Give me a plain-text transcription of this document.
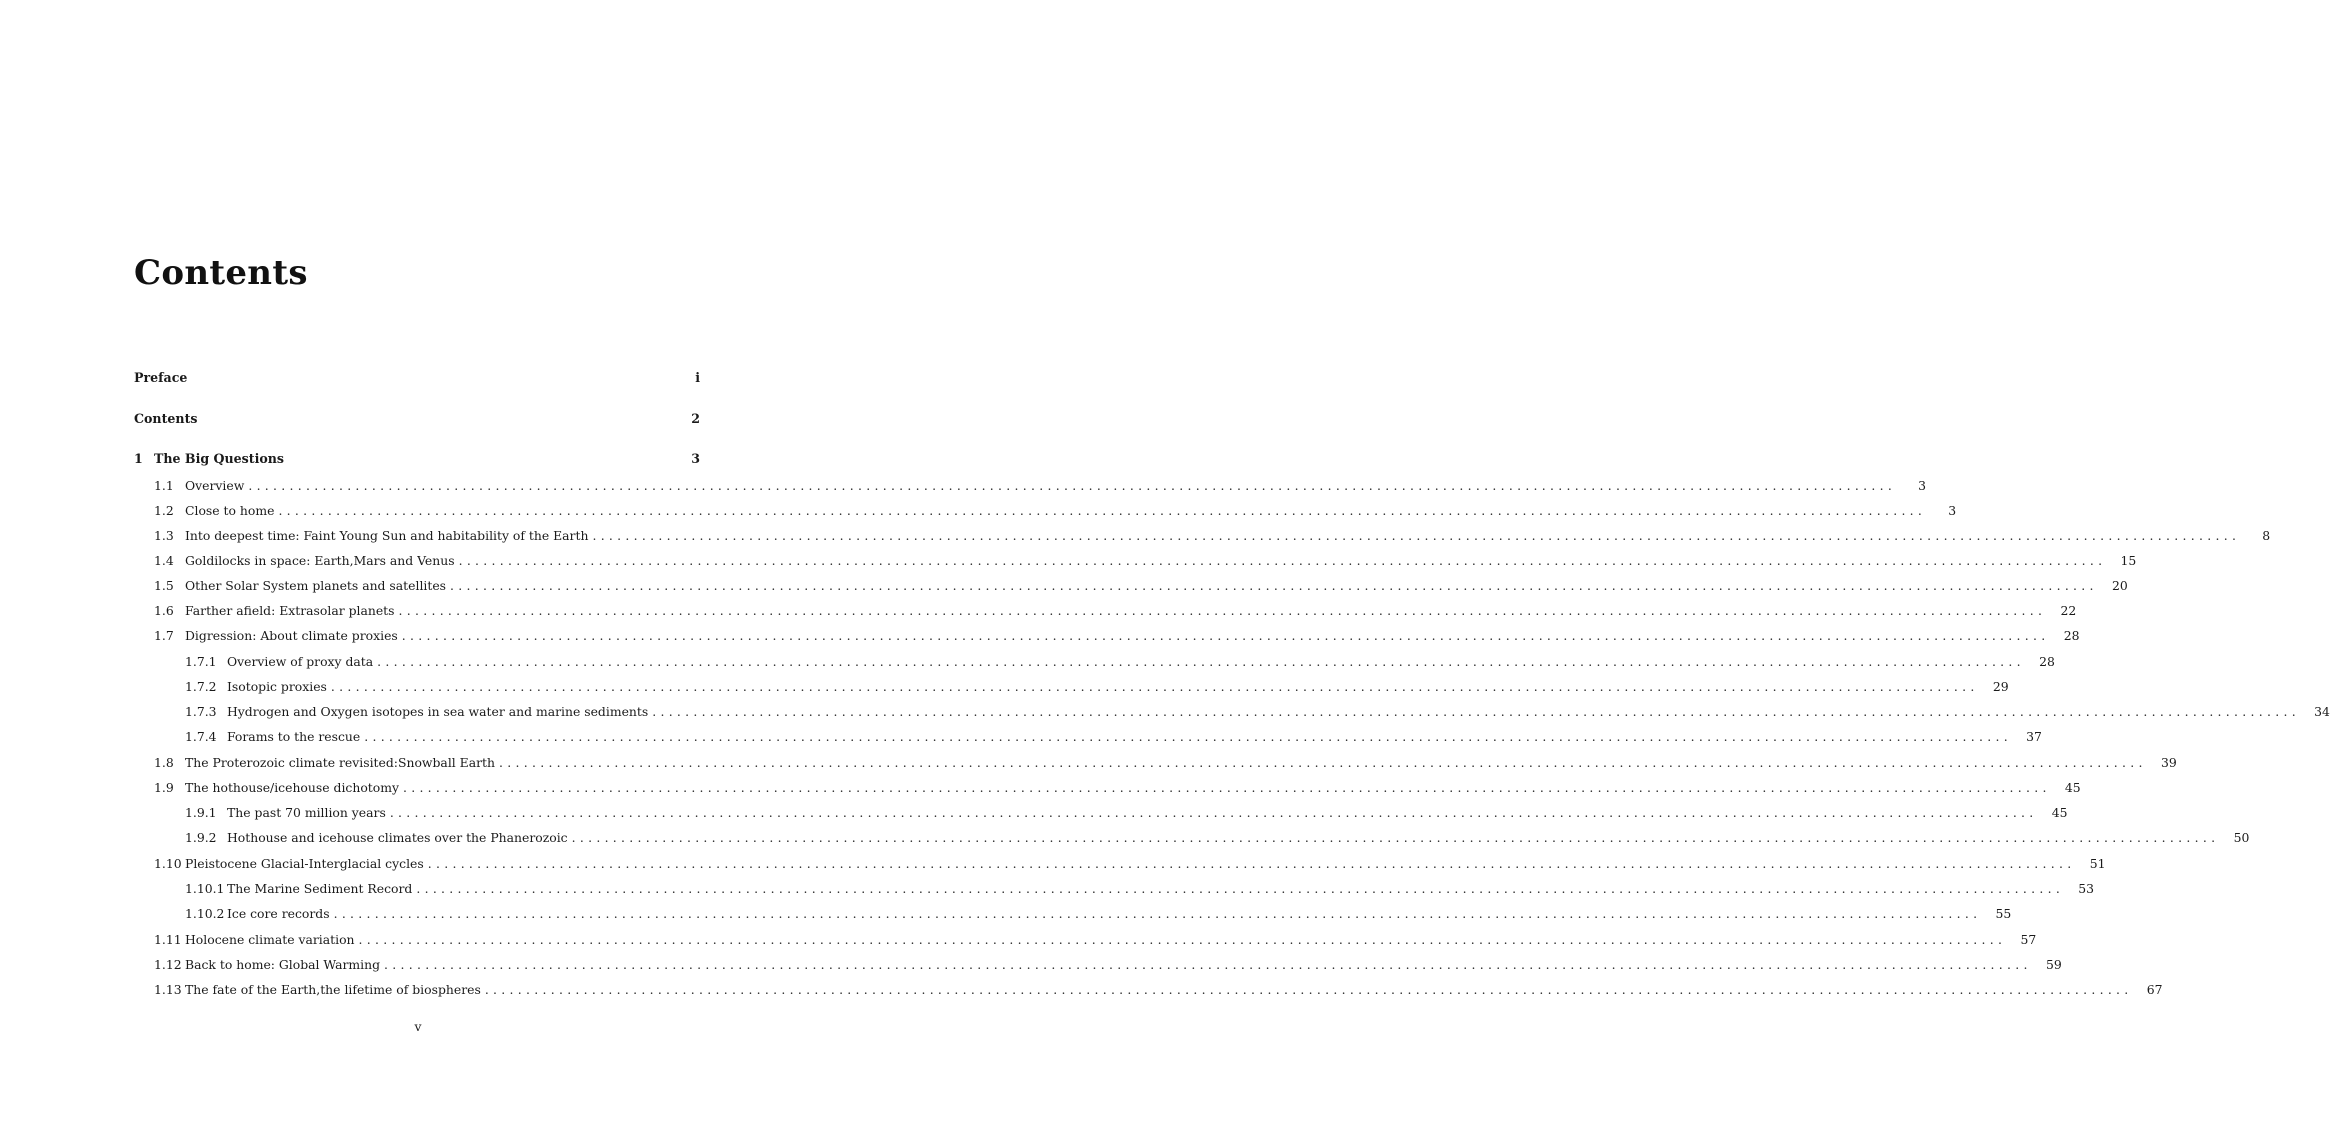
Contents
Preface	i
Contents	2
1 The Big Questions	3
1.1 Overview ........................................................................................................................................................................................................	3
1.2 Close to home ........................................................................................................................................................................................................	3
1.3 Into deepest time: Faint Young Sun and habitability of the Earth ........................................................................................................................................................................................................	8
1.4 Goldilocks in space: Earth,Mars and Venus ........................................................................................................................................................................................................	15
1.5 Other Solar System planets and satellites ........................................................................................................................................................................................................	20
1.6 Farther afield: Extrasolar planets ........................................................................................................................................................................................................	22
1.7 Digression: About climate proxies ........................................................................................................................................................................................................	28
1.7.1 Overview of proxy data ........................................................................................................................................................................................................	28
1.7.2 Isotopic proxies ........................................................................................................................................................................................................	29
1.7.3 Hydrogen and Oxygen isotopes in sea water and marine sediments ........................................................................................................................................................................................................	34
1.7.4 Forams to the rescue ........................................................................................................................................................................................................	37
1.8 The Proterozoic climate revisited:Snowball Earth ........................................................................................................................................................................................................	39
1.9 The hothouse/icehouse dichotomy ........................................................................................................................................................................................................	45
1.9.1 The past 70 million years ........................................................................................................................................................................................................	45
1.9.2 Hothouse and icehouse climates over the Phanerozoic ........................................................................................................................................................................................................	50
1.10 Pleistocene Glacial-Interglacial cycles ........................................................................................................................................................................................................	51
1.10.1 The Marine Sediment Record ........................................................................................................................................................................................................	53
1.10.2 Ice core records ........................................................................................................................................................................................................	55
1.11 Holocene climate variation ........................................................................................................................................................................................................	57
1.12 Back to home: Global Warming ........................................................................................................................................................................................................	59
1.13 The fate of the Earth,the lifetime of biospheres ........................................................................................................................................................................................................	67
v
